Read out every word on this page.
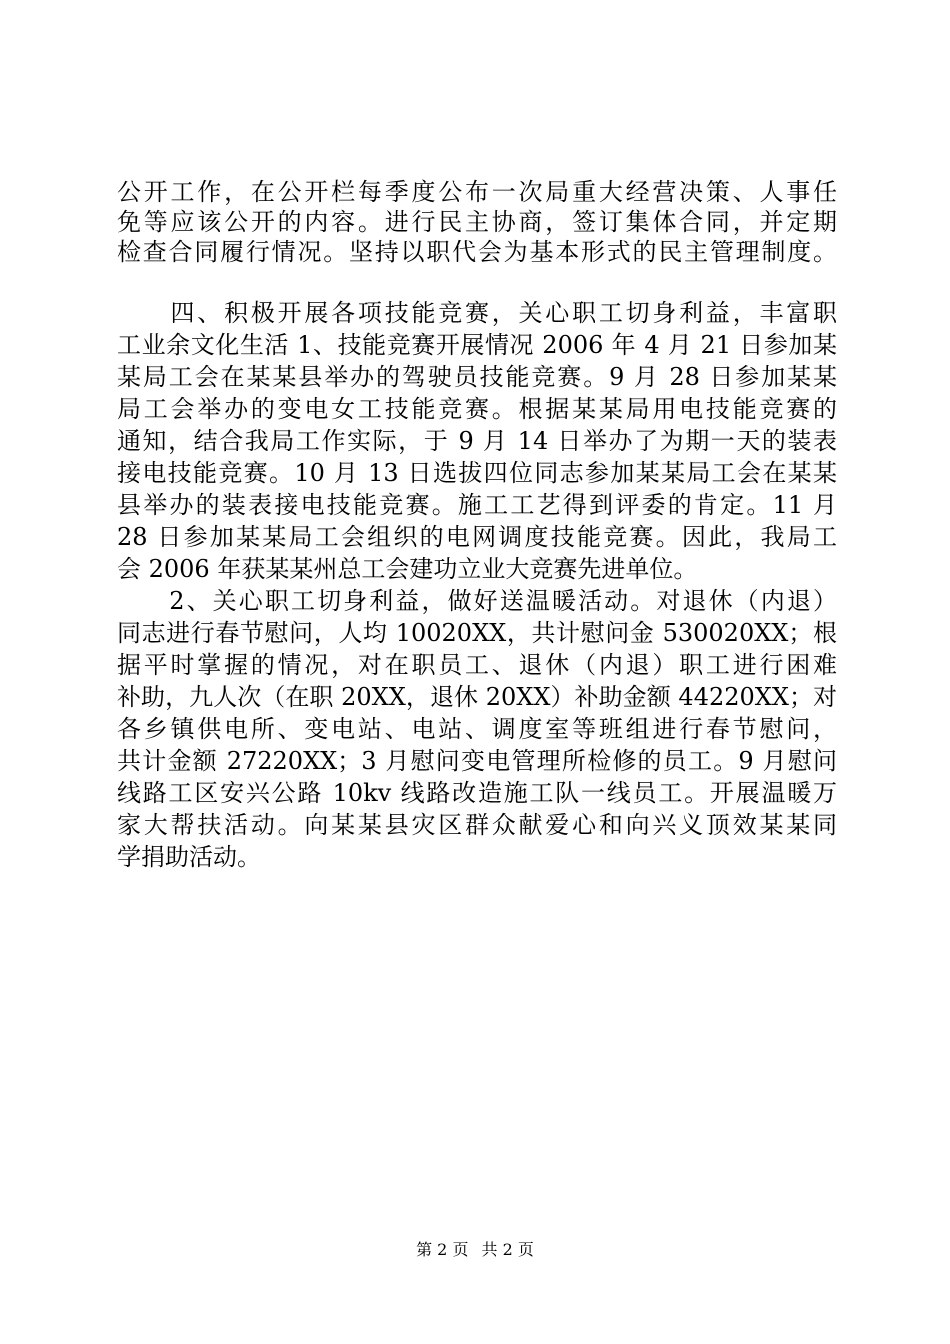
公开工作，在公开栏每季度公布一次局重大经营决策、人事任
免等应该公开的内容。进行民主协商，签订集体合同，并定期
检查合同履行情况。坚持以职代会为基本形式的民主管理制度。
　　四、积极开展各项技能竞赛，关心职工切身利益，丰富职
工业余文化生活 1、技能竞赛开展情况 2006 年 4 月 21 日参加某
某局工会在某某县举办的驾驶员技能竞赛。9 月 28 日参加某某
局工会举办的变电女工技能竞赛。根据某某局用电技能竞赛的
通知，结合我局工作实际，于 9 月 14 日举办了为期一天的装表
接电技能竞赛。10 月 13 日选拔四位同志参加某某局工会在某某
县举办的装表接电技能竞赛。施工工艺得到评委的肯定。11 月
28 日参加某某局工会组织的电网调度技能竞赛。因此，我局工
会 2006 年获某某州总工会建功立业大竞赛先进单位。
　　2、关心职工切身利益，做好送温暖活动。对退休（内退）
同志进行春节慰问，人均 10020XX，共计慰问金 530020XX；根
据平时掌握的情况，对在职员工、退休（内退）职工进行困难
补助，九人次（在职 20XX，退休 20XX）补助金额 44220XX；对
各乡镇供电所、变电站、电站、调度室等班组进行春节慰问，
共计金额 27220XX；3 月慰问变电管理所检修的员工。9 月慰问
线路工区安兴公路 10kv 线路改造施工队一线员工。开展温暖万
家大帮扶活动。向某某县灾区群众献爱心和向兴义顶效某某同
学捐助活动。
第 2 页 共 2 页
